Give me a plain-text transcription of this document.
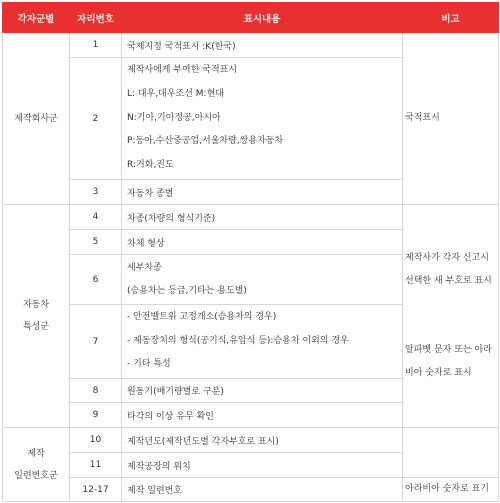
각자군별	자리번호	표시내용	비고

제작회사군	1	국제지정 국적표시 :K(한국)	국적표시

	2	제작사에게 부여한 국적표시
L: 대우,대우조선 M:현대
N:기아,기아정공,아시아
P:동아,수산중공업,서울차량,쌍용자동차
R:거화,진도	

	3	자동차 종별	

자동차
특성군	4	차종(차량의 형식기준)	제작사가 각자 신고시
선택한 새 부호로 표시

알파벳 문자 또는 아라
비아 숫자로 표시

	5	차체 형상	

	6	세부차종
(승용차는 등급,기타는 용도별)	

	7	- 안전벨트위 고정개소(승용차의 경우)
- 제동장치의 형식(공기식,유압식 등):승용차 이외의 경우
- 기타 특성	

	8	원동기(배기량별로 구분)	

	9	타각의 이상 유무 확인	

제작
일련번호군	10	제작년도(제작년도별 각자부호로 표시)	

	11	제작공장의 위치	

	12-17	제작 일련번호	아라비아 숫자로 표기
